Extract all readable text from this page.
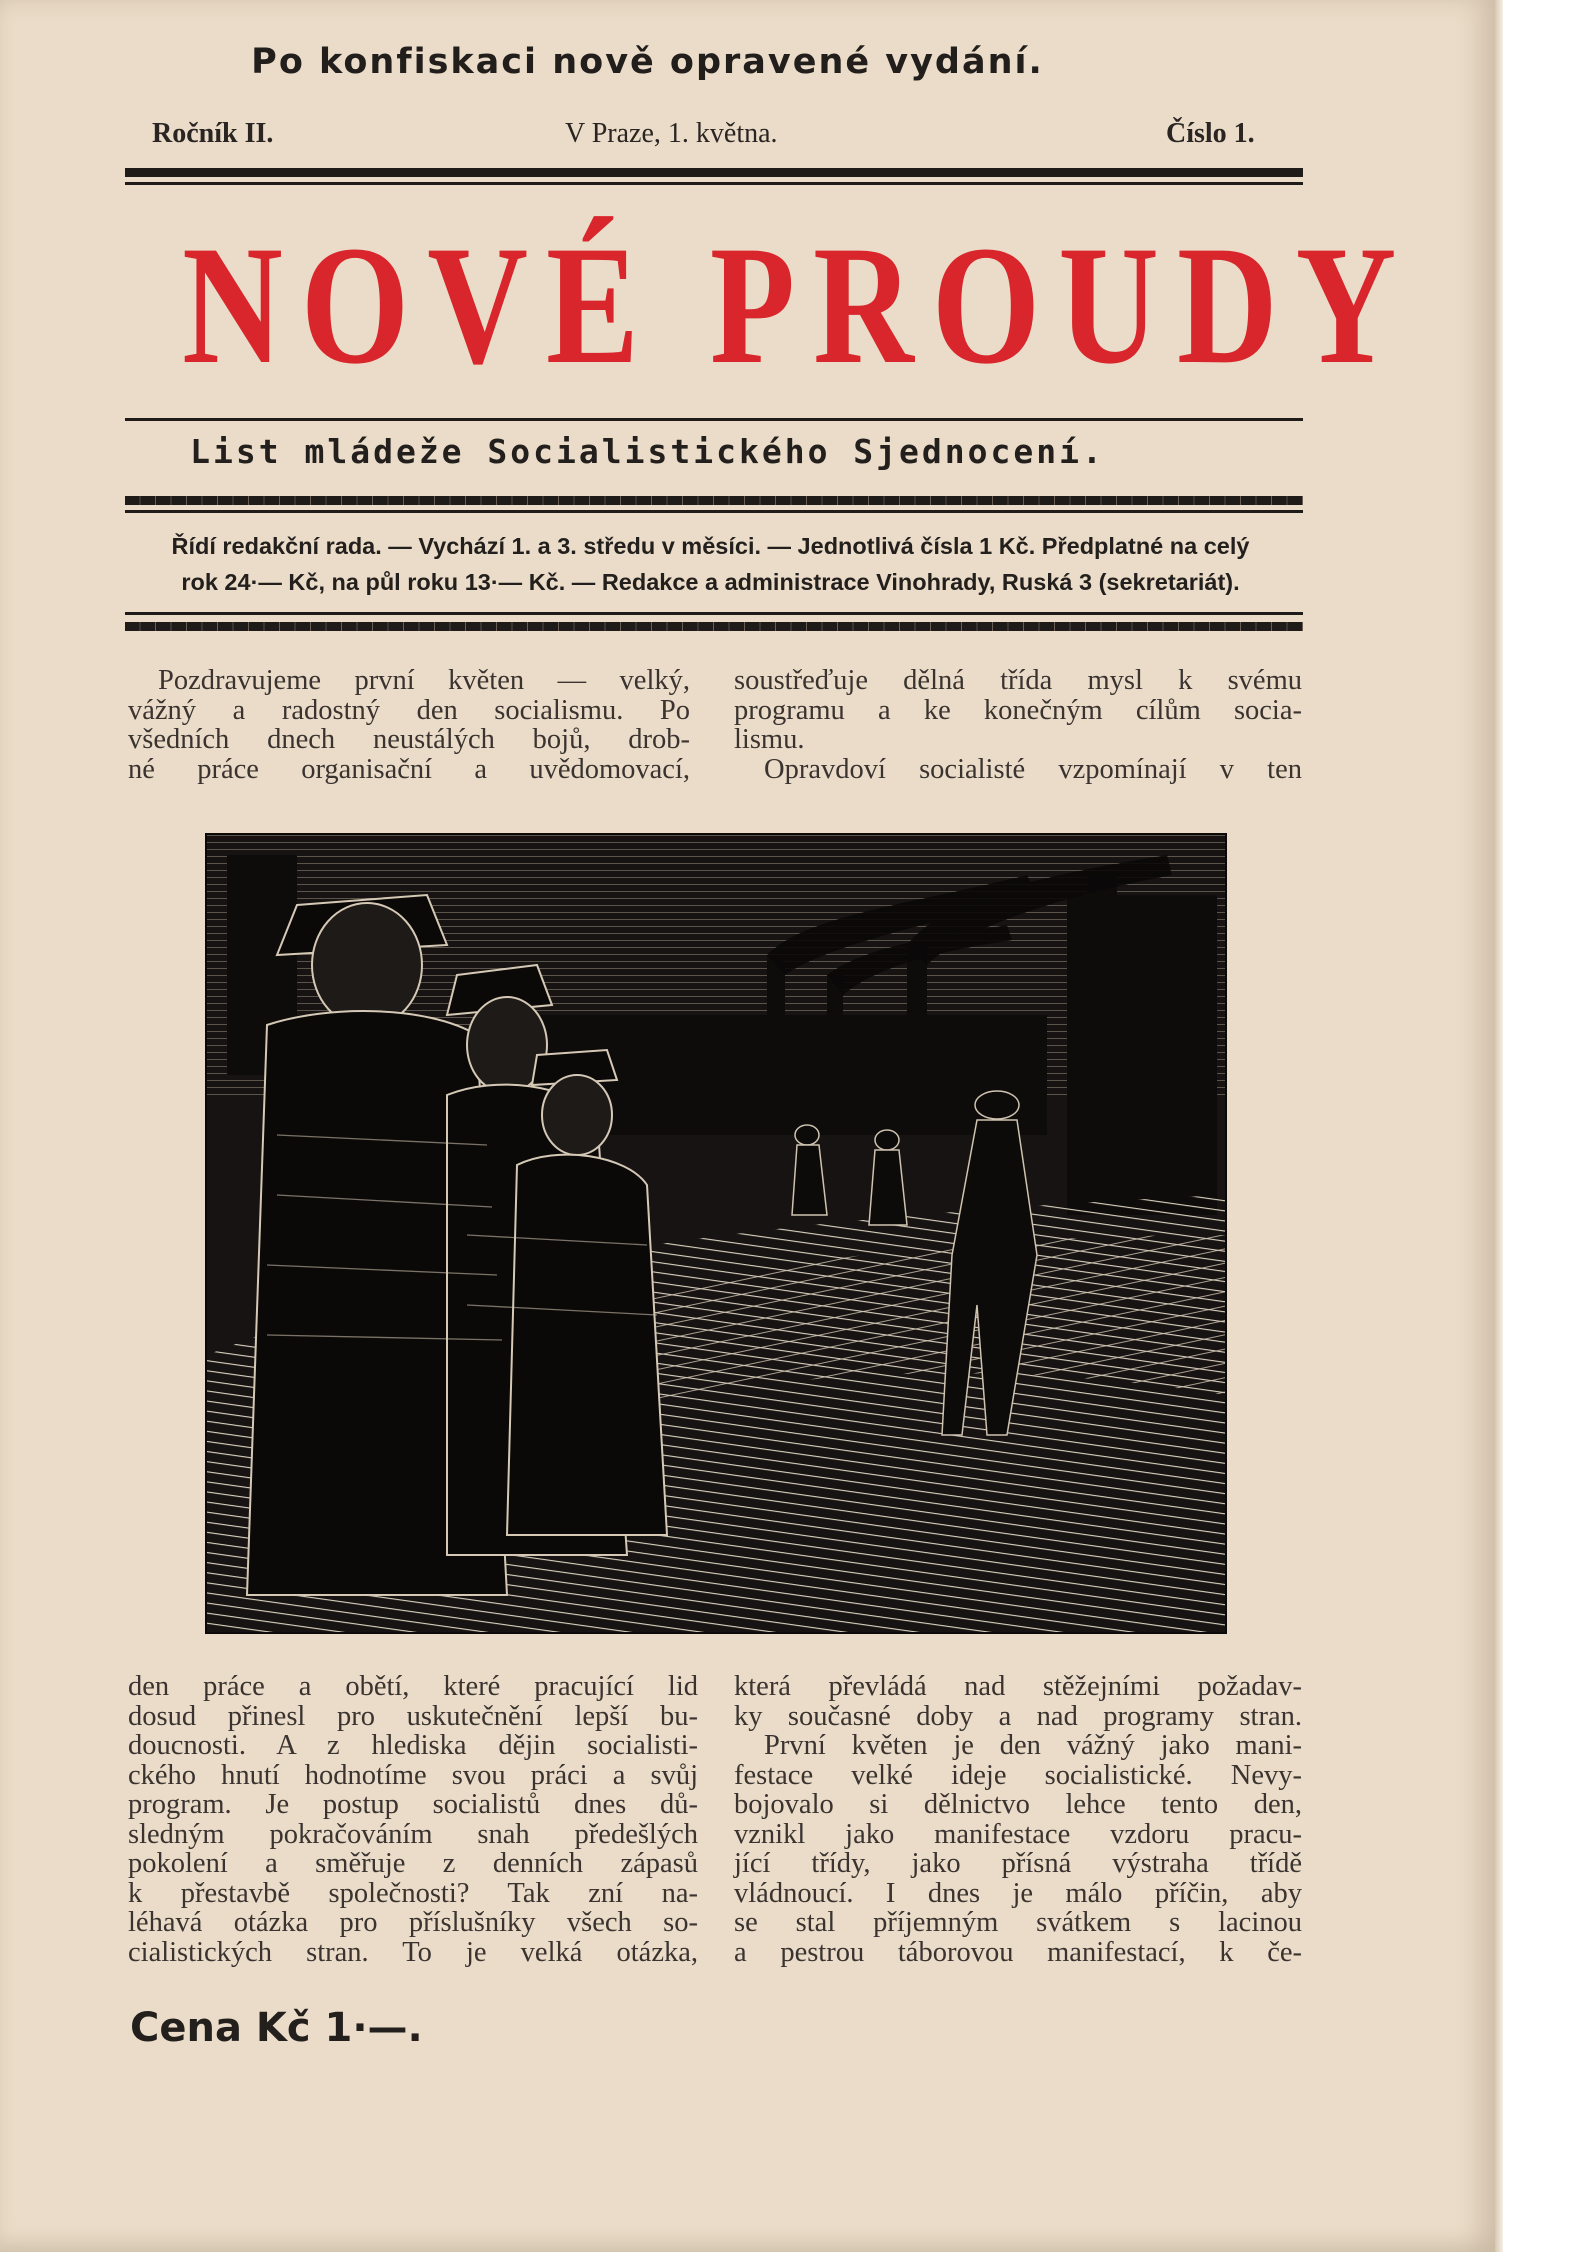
Po konfiskaci nově opravené vydání.
Ročník II.	V Praze, 1. května.	Číslo 1.
NOVÉ PROUDY
List mládeže Socialistického Sjednocení.
Řídí redakční rada. — Vychází 1. a 3. středu v měsíci. — Jednotlivá čísla 1 Kč. Předplatné na celý
rok 24·— Kč, na půl roku 13·— Kč. — Redakce a administrace Vinohrady, Ruská 3 (sekretariát).

Pozdravujeme první květen — velký,

vážný a radostný den socialismu. Po

všedních dnech neustálých bojů, drob-

né práce organisační a uvědomovací,

soustřeďuje dělná třída mysl k svému

programu a ke konečným cílům socia-

lismu.

Opravdoví socialisté vzpomínají v ten

den práce a obětí, které pracující lid

dosud přinesl pro uskutečnění lepší bu-

doucnosti. A z hlediska dějin socialisti-

ckého hnutí hodnotíme svou práci a svůj

program. Je postup socialistů dnes dů-

sledným pokračováním snah předešlých

pokolení a směřuje z denních zápasů

k přestavbě společnosti? Tak zní na-

léhavá otázka pro příslušníky všech so-

cialistických stran. To je velká otázka,

která převládá nad stěžejními požadav-

ky současné doby a nad programy stran.

První květen je den vážný jako mani-

festace velké ideje socialistické. Nevy-

bojovalo si dělnictvo lehce tento den,

vznikl jako manifestace vzdoru pracu-

jící třídy, jako přísná výstraha třídě

vládnoucí. I dnes je málo příčin, aby

se stal příjemným svátkem s lacinou

a pestrou táborovou manifestací, k če-

Cena Kč 1·—.
